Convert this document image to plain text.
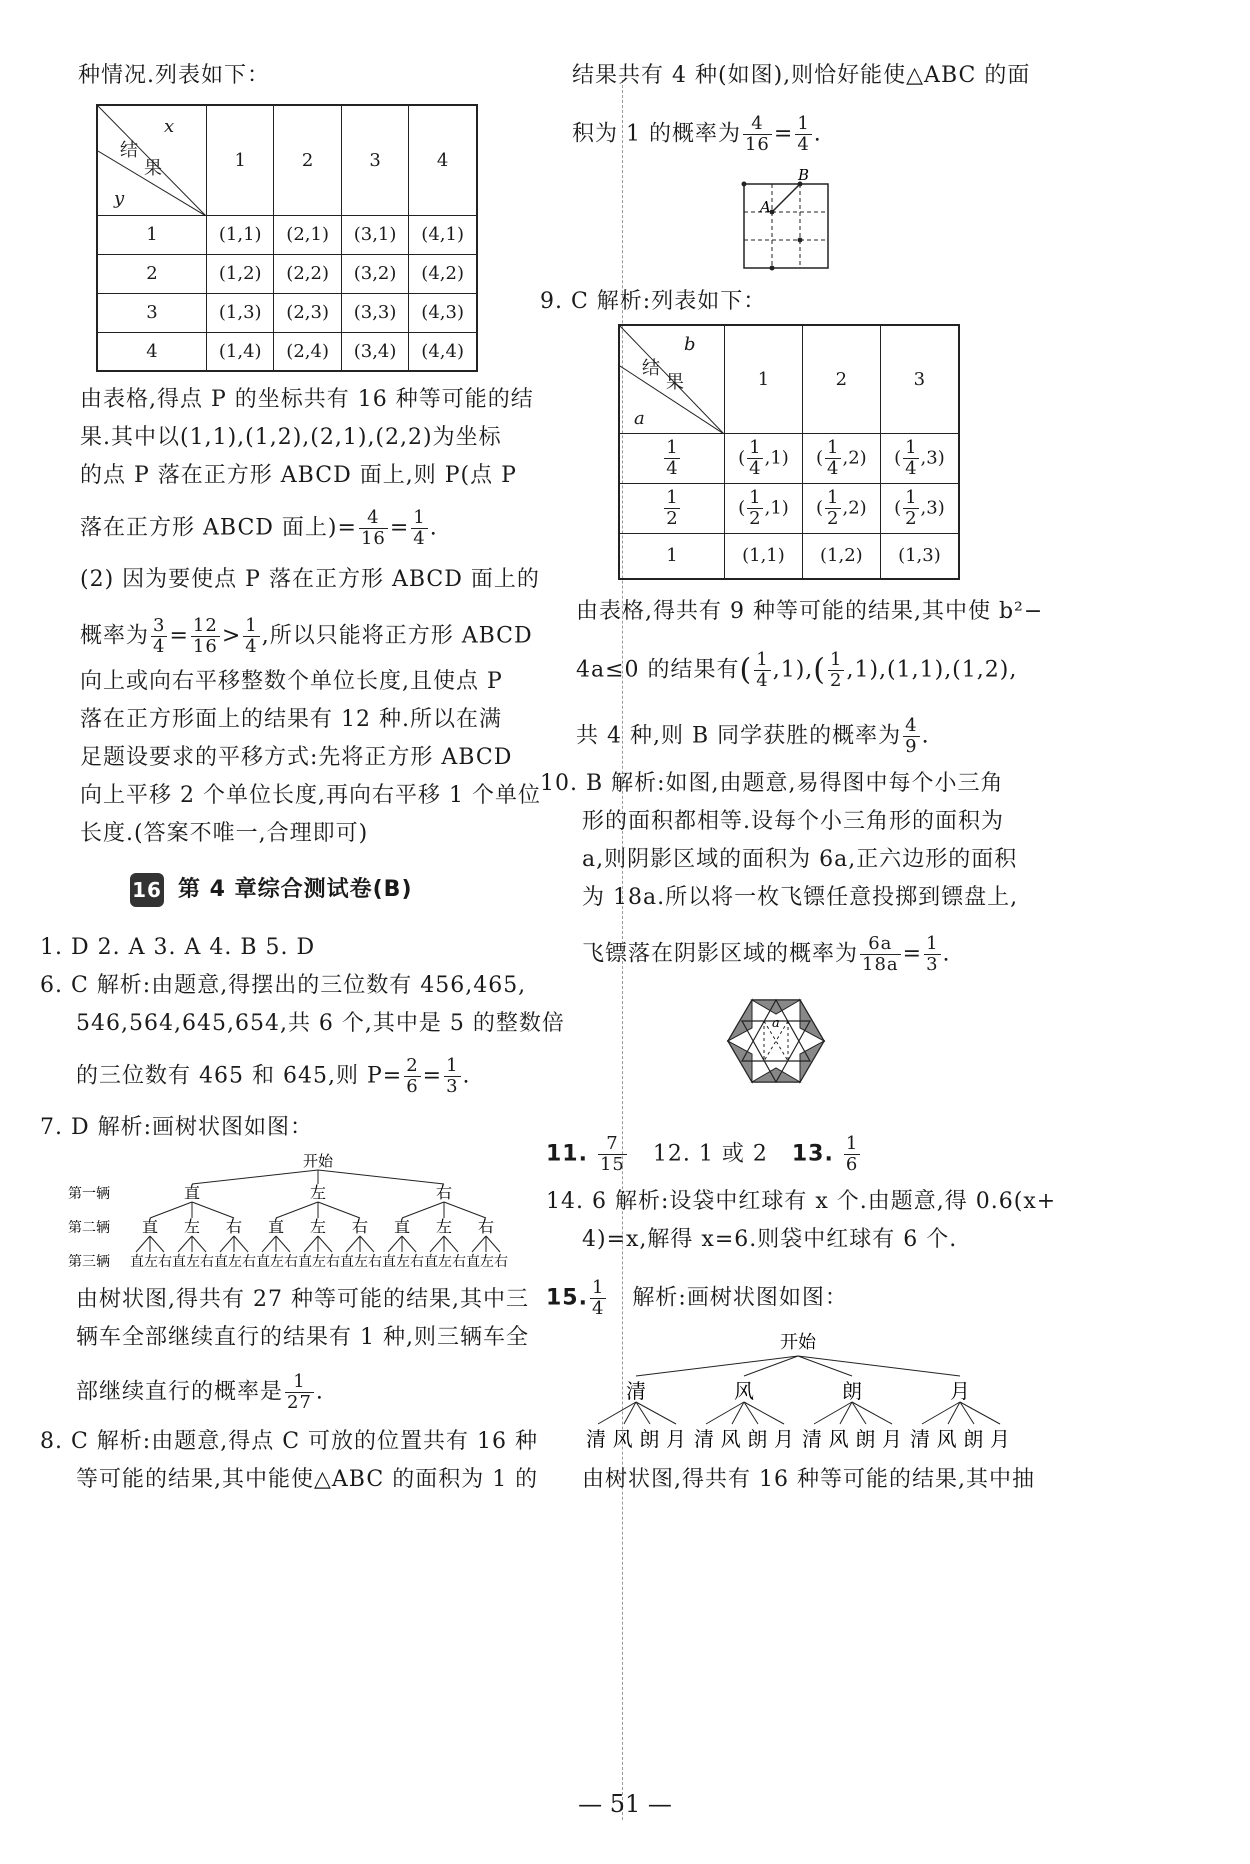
种情况.列表如下：
x
结
果
y	1	2	3	4
1	(1,1)	(2,1)	(3,1)	(4,1)
2	(1,2)	(2,2)	(3,2)	(4,2)
3	(1,3)	(2,3)	(3,3)	(4,3)
4	(1,4)	(2,4)	(3,4)	(4,4)
由表格,得点 P 的坐标共有 16 种等可能的结
果.其中以(1,1),(1,2),(2,1),(2,2)为坐标
的点 P 落在正方形 ABCD 面上,则 P(点 P
落在正方形 ABCD 面上)= $\frac{4}{16} = \frac{1}{4}$ .
(2) 因为要使点 P 落在正方形 ABCD 面上的
概率为 $\frac{3}{4} = \frac{12}{16} > \frac{1}{4}$ ,所以只能将正方形 ABCD
向上或向右平移整数个单位长度,且使点 P
落在正方形面上的结果有 12 种.所以在满
足题设要求的平移方式:先将正方形 ABCD
向上平移 2 个单位长度,再向右平移 1 个单位
长度.(答案不唯一,合理即可)
16 第 4 章综合测试卷(B)
1. D 2. A 3. A 4. B 5. D
6. C 解析:由题意,得摆出的三位数有 456,465,
546,564,645,654,共 6 个,其中是 5 的整数倍
的三位数有 465 和 645,则 $P= \frac{2}{6} = \frac{1}{3}$ .
7. D 解析:画树状图如图：
开始
第一辆
第二辆
第三辆
直	左	右
直 左 右 直 左 右 直 左 右
直左右直左右直左右直左右直左右直左右直左右直左右直左右
由树状图,得共有 27 种等可能的结果,其中三
辆车全部继续直行的结果有 1 种,则三辆车全
部继续直行的概率是 $\frac{1}{27}$ .
8. C 解析:由题意,得点 C 可放的位置共有 16 种
等可能的结果,其中能使△ABC 的面积为 1 的
结果共有 4 种(如图),则恰好能使△ABC 的面
积为 1 的概率为 $\frac{4}{16} = \frac{1}{4}$ .
A
B
9. C 解析:列表如下：
b
结
果
a	1	2	3

$\frac{1}{4}$	( $\frac{1}{4} ,1$)	( $\frac{1}{4} ,2$)	( $\frac{1}{4} ,3$)

$\frac{1}{2}$	( $\frac{1}{2} ,1$)	( $\frac{1}{2} ,2$)	( $\frac{1}{2} ,3$)
1	(1,1)	(1,2)	(1,3)
由表格,得共有 9 种等可能的结果,其中使 b²−
4a≤0 的结果有( $\frac{1}{4} ,1),( \frac{1}{2} ,1),(1,1),(1,2)$,
共 4 种,则 B 同学获胜的概率为 $\frac{4}{9}$ .
10. B 解析:如图,由题意,易得图中每个小三角
形的面积都相等.设每个小三角形的面积为
a,则阴影区域的面积为 6a,正六边形的面积
为 18a.所以将一枚飞镖任意投掷到镖盘上,
飞镖落在阴影区域的概率为 $\frac{6a}{18a} = \frac{1}{3}$ .
a
11. $\frac{7}{15} 12$. 1 或 2 13. $\frac{1}{6}$
14. 6 解析:设袋中红球有 x 个.由题意,得 0.6(x+
4)=x,解得 x=6.则袋中红球有 6 个.
15. $\frac{1}{4}$ 解析:画树状图如图：
开始
清	风	朗	月
清风朗月 清风朗月 清风朗月 清风朗月
由树状图,得共有 16 种等可能的结果,其中抽
— 51 —
